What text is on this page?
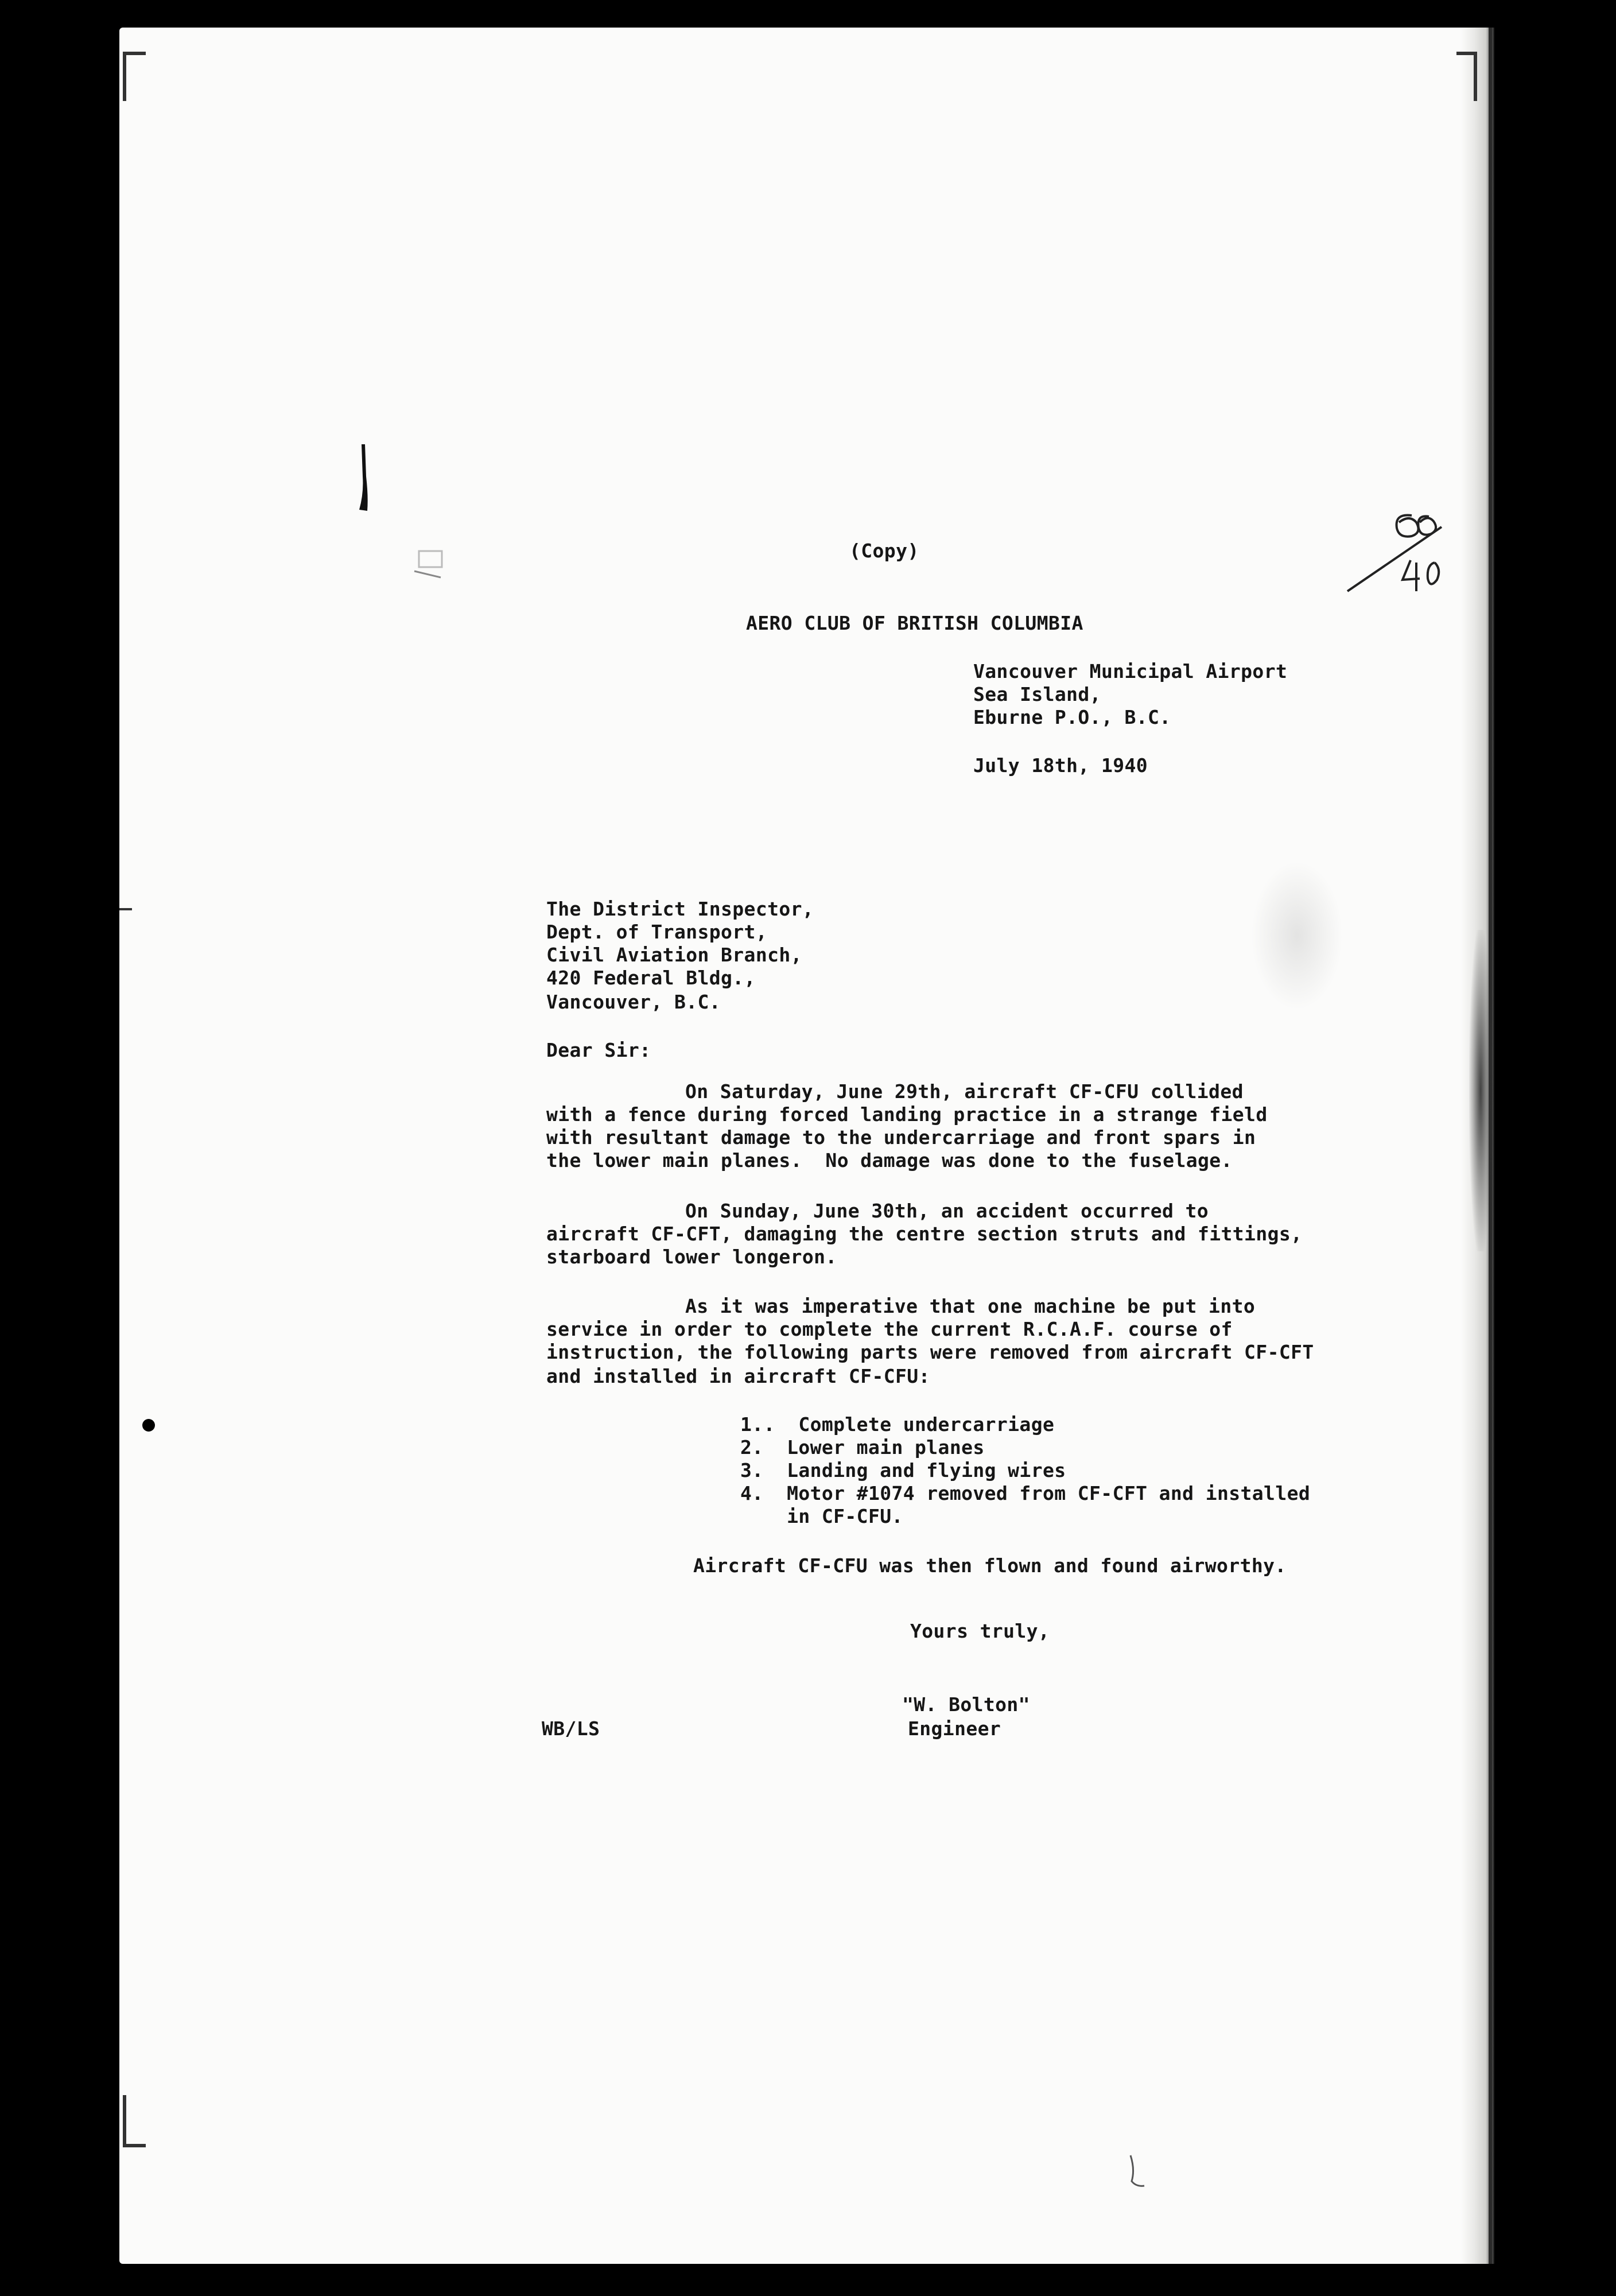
(Copy)
AERO CLUB OF BRITISH COLUMBIA
Vancouver Municipal Airport
Sea Island,
Eburne P.O., B.C.
July 18th, 1940
The District Inspector,
Dept. of Transport,
Civil Aviation Branch,
420 Federal Bldg.,
Vancouver, B.C.
Dear Sir:
On Saturday, June 29th, aircraft CF-CFU collided
with a fence during forced landing practice in a strange field
with resultant damage to the undercarriage and front spars in
the lower main planes.  No damage was done to the fuselage.
On Sunday, June 30th, an accident occurred to
aircraft CF-CFT, damaging the centre section struts and fittings,
starboard lower longeron.
As it was imperative that one machine be put into
service in order to complete the current R.C.A.F. course of
instruction, the following parts were removed from aircraft CF-CFT
and installed in aircraft CF-CFU:
1..  Complete undercarriage
2.  Lower main planes
3.  Landing and flying wires
4.  Motor #1074 removed from CF-CFT and installed
in CF-CFU.
Aircraft CF-CFU was then flown and found airworthy.
Yours truly,
"W. Bolton"
Engineer
WB/LS
